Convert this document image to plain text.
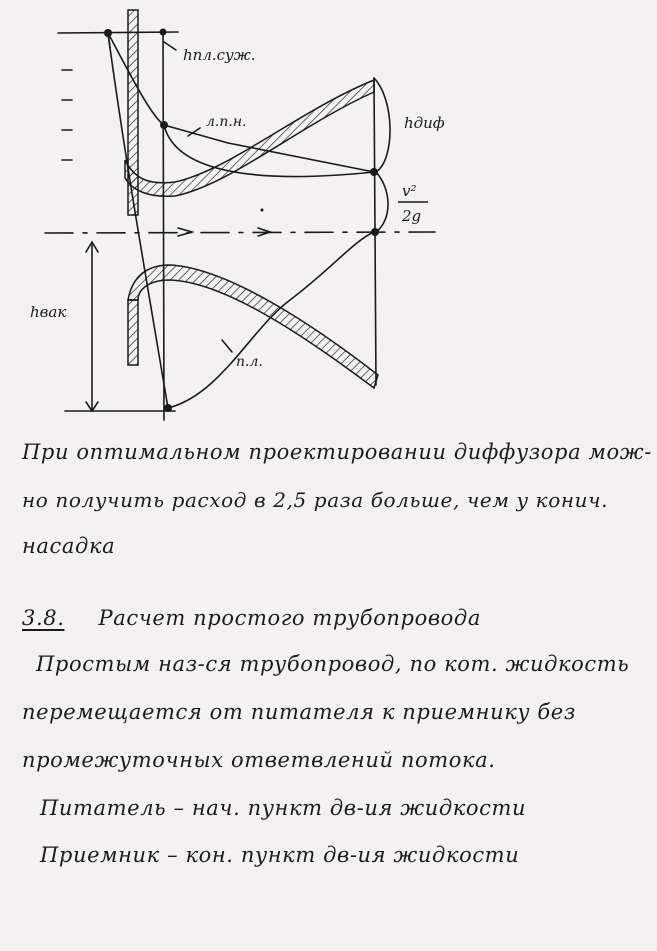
hпл.суж.
л.п.н.	hдиф
v²
2g
hвак
п.л.

При оптимальном проектировании диффузора мож-

но получить расход в 2,5 раза больше, чем у конич.

насадка

3.8. Расчет простого трубопровода

Простым наз-ся трубопровод, по кот. жидкость

перемещается от питателя к приемнику без

промежуточных ответвлений потока.

Питатель – нач. пункт дв-ия жидкости

Приемник – кон. пункт дв-ия жидкости
